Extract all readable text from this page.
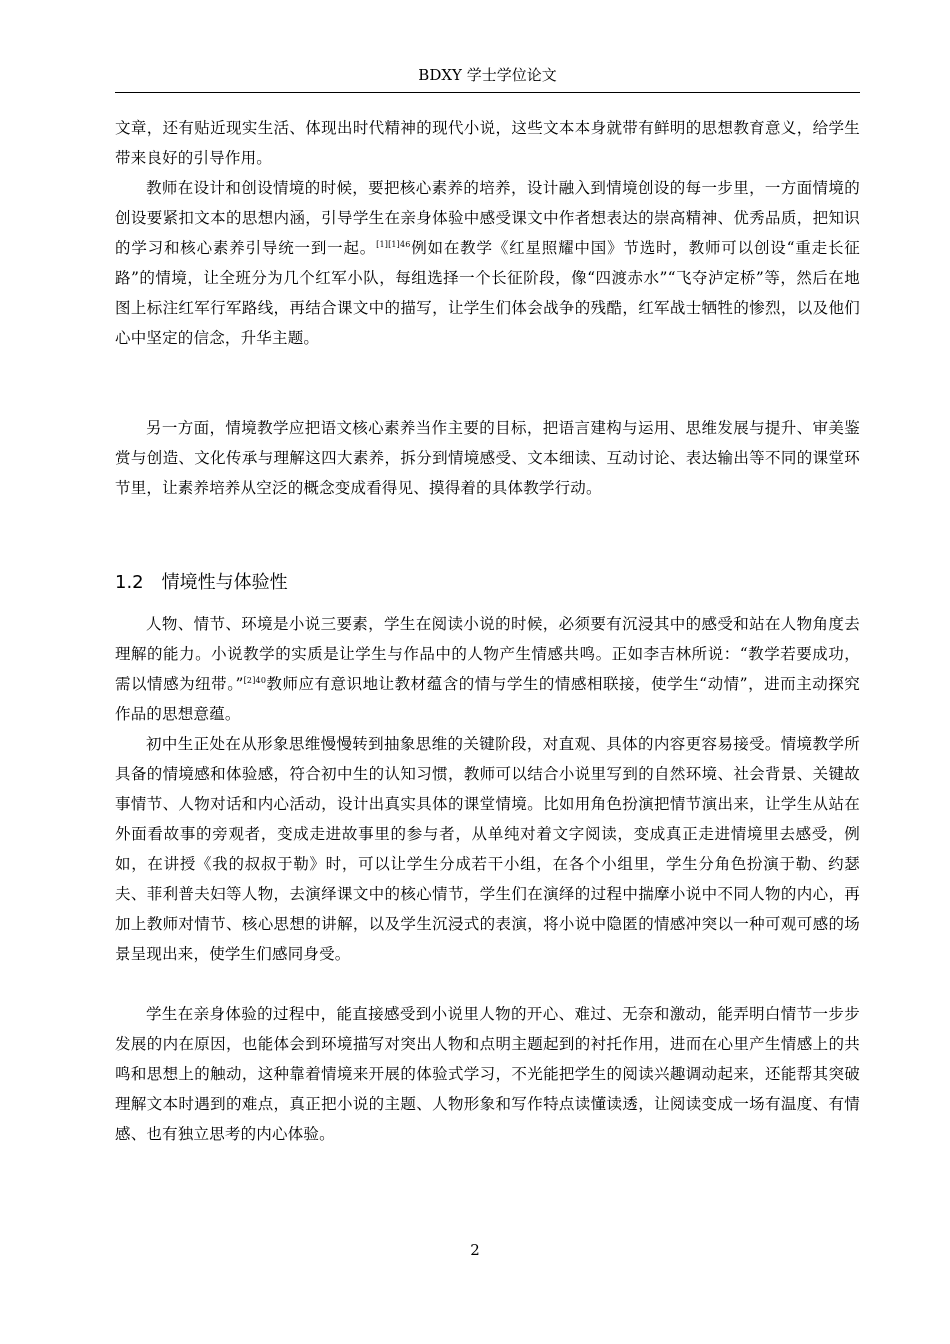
BDXY 学士学位论文

文章，还有贴近现实生活、体现出时代精神的现代小说，这些文本本身就带有鲜明的思想教育意义，给学生带来良好的引导作用。

教师在设计和创设情境的时候，要把核心素养的培养，设计融入到情境创设的每一步里，一方面情境的创设要紧扣文本的思想内涵，引导学生在亲身体验中感受课文中作者想表达的崇高精神、优秀品质，把知识的学习和核心素养引导统一到一起。$^{[1][1]46}$例如在教学《红星照耀中国》节选时，教师可以创设“重走长征路”的情境，让全班分为几个红军小队，每组选择一个长征阶段，像“四渡赤水”“飞夺泸定桥”等，然后在地图上标注红军行军路线，再结合课文中的描写，让学生们体会战争的残酷，红军战士牺牲的惨烈，以及他们心中坚定的信念，升华主题。

另一方面，情境教学应把语文核心素养当作主要的目标，把语言建构与运用、思维发展与提升、审美鉴赏与创造、文化传承与理解这四大素养，拆分到情境感受、文本细读、互动讨论、表达输出等不同的课堂环节里，让素养培养从空泛的概念变成看得见、摸得着的具体教学行动。

1.2 情境性与体验性

人物、情节、环境是小说三要素，学生在阅读小说的时候，必须要有沉浸其中的感受和站在人物角度去理解的能力。小说教学的实质是让学生与作品中的人物产生情感共鸣。正如李吉林所说：“教学若要成功，需以情感为纽带。”$^{[2]40}$教师应有意识地让教材蕴含的情与学生的情感相联接，使学生“动情”，进而主动探究作品的思想意蕴。

初中生正处在从形象思维慢慢转到抽象思维的关键阶段，对直观、具体的内容更容易接受。情境教学所具备的情境感和体验感，符合初中生的认知习惯，教师可以结合小说里写到的自然环境、社会背景、关键故事情节、人物对话和内心活动，设计出真实具体的课堂情境。比如用角色扮演把情节演出来，让学生从站在外面看故事的旁观者，变成走进故事里的参与者，从单纯对着文字阅读，变成真正走进情境里去感受，例如，在讲授《我的叔叔于勒》时，可以让学生分成若干小组，在各个小组里，学生分角色扮演于勒、约瑟夫、菲利普夫妇等人物，去演绎课文中的核心情节，学生们在演绎的过程中揣摩小说中不同人物的内心，再加上教师对情节、核心思想的讲解，以及学生沉浸式的表演，将小说中隐匿的情感冲突以一种可观可感的场景呈现出来，使学生们感同身受。

学生在亲身体验的过程中，能直接感受到小说里人物的开心、难过、无奈和激动，能弄明白情节一步步发展的内在原因，也能体会到环境描写对突出人物和点明主题起到的衬托作用，进而在心里产生情感上的共鸣和思想上的触动，这种靠着情境来开展的体验式学习，不光能把学生的阅读兴趣调动起来，还能帮其突破理解文本时遇到的难点，真正把小说的主题、人物形象和写作特点读懂读透，让阅读变成一场有温度、有情感、也有独立思考的内心体验。

2
